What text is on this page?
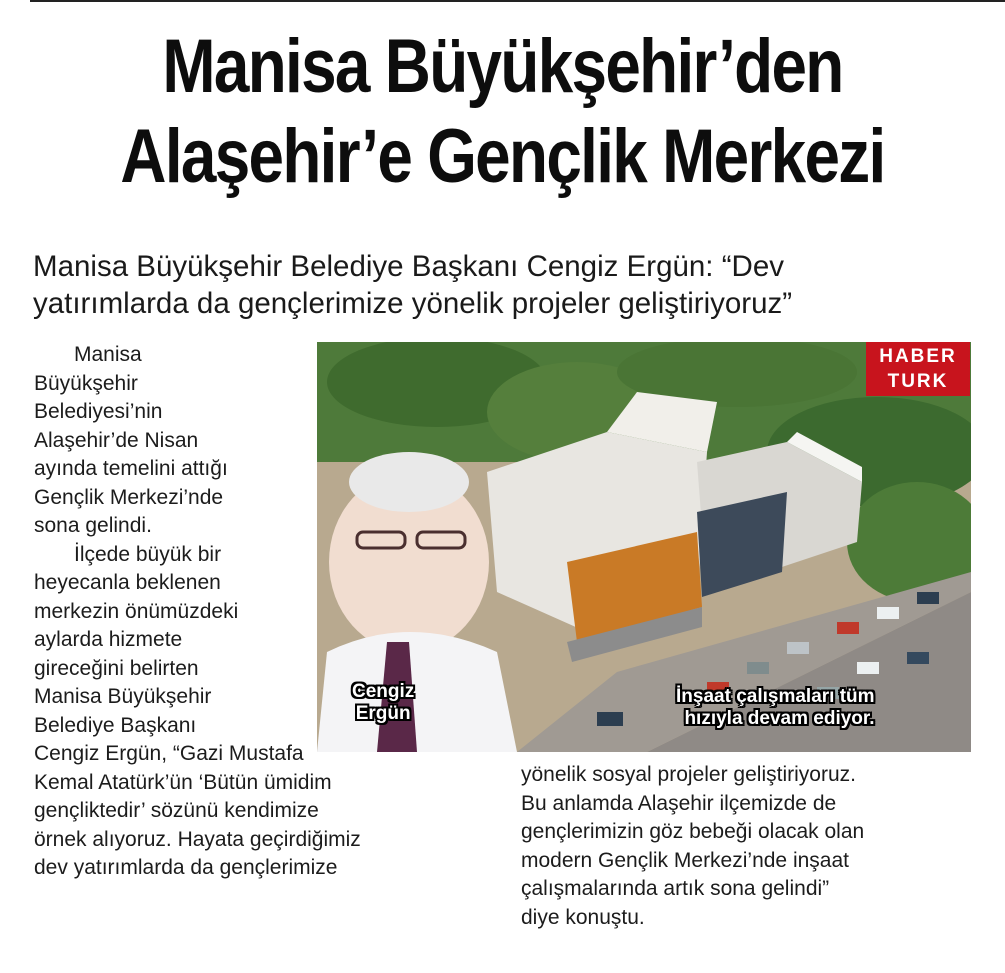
Manisa Büyükşehir’den
Alaşehir’e Gençlik Merkezi
Manisa Büyükşehir Belediye Başkanı Cengiz Ergün: “Dev
yatırımlarda da gençlerimize yönelik projeler geliştiriyoruz”
Manisa
Büyükşehir
Belediyesi’nin
Alaşehir’de Nisan
ayında temelini attığı
Gençlik Merkezi’nde
sona gelindi.
İlçede büyük bir
heyecanla beklenen
merkezin önümüzdeki
aylarda hizmete
gireceğini belirten
Manisa Büyükşehir
Belediye Başkanı
Cengiz Ergün, “Gazi Mustafa
Kemal Atatürk’ün ‘Bütün ümidim
gençliktedir’ sözünü kendimize
örnek alıyoruz. Hayata geçirdiğimiz
dev yatırımlarda da gençlerimize
HABER
TURK
Cengiz
Ergün
İnşaat çalışmaları tüm
hızıyla devam ediyor.
yönelik sosyal projeler geliştiriyoruz.
Bu anlamda Alaşehir ilçemizde de
gençlerimizin göz bebeği olacak olan
modern Gençlik Merkezi’nde inşaat
çalışmalarında artık sona gelindi”
diye konuştu.
